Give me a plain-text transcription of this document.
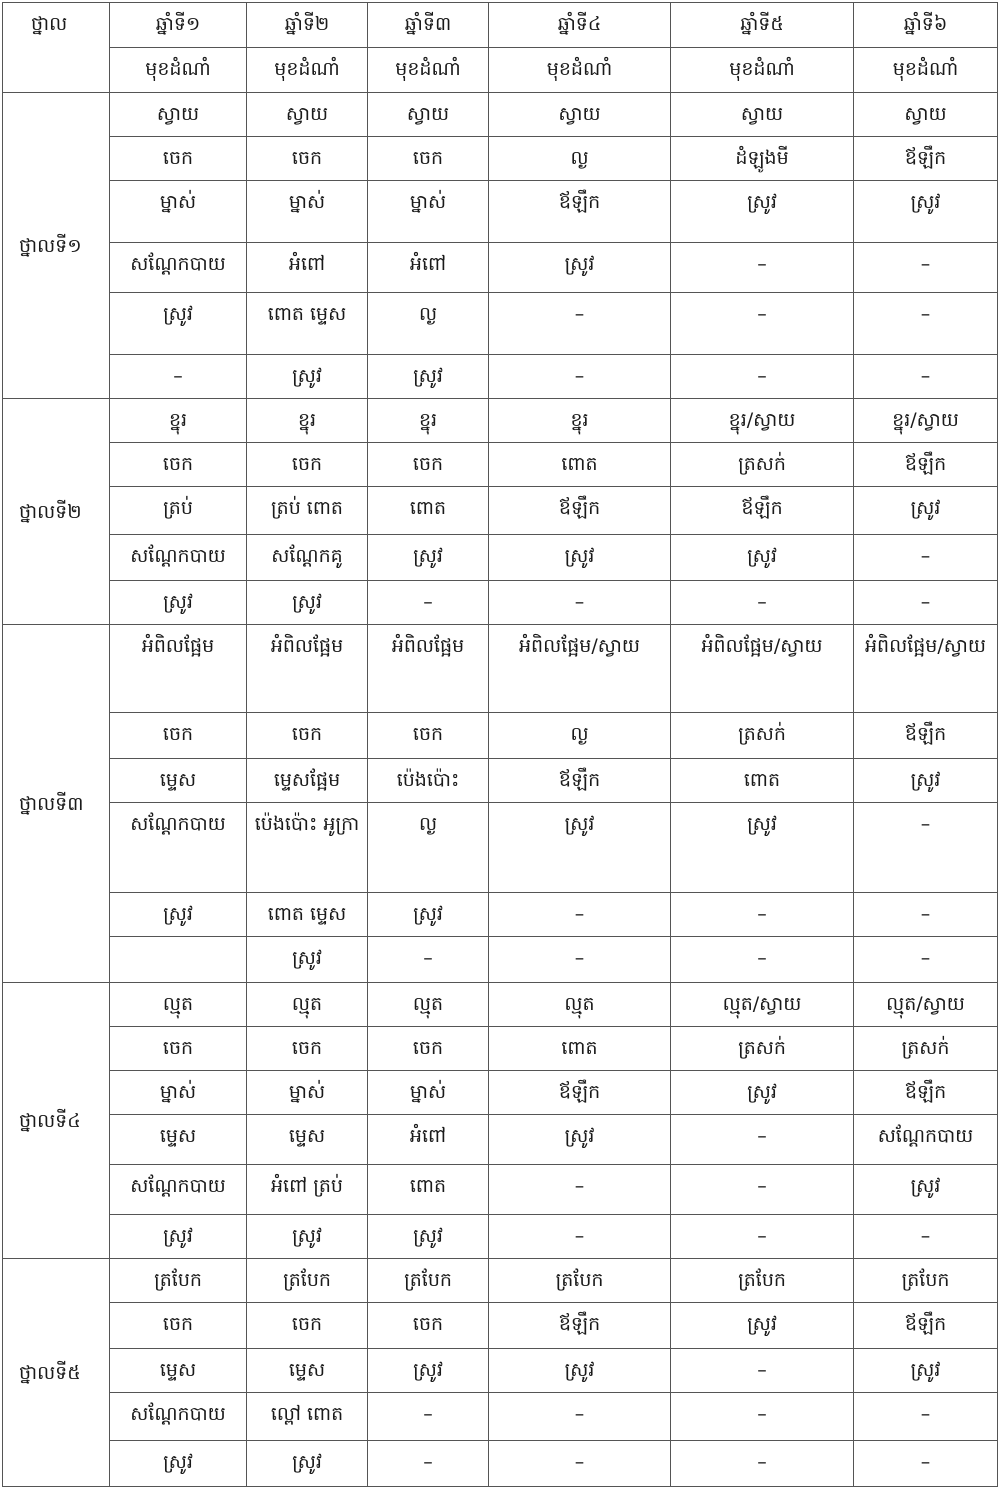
ថ្នាល	ឆ្នាំទី១	ឆ្នាំទី២	ឆ្នាំទី៣	ឆ្នាំទី៤	ឆ្នាំទី៥	ឆ្នាំទី៦
	មុខដំណាំ	មុខដំណាំ	មុខដំណាំ	មុខដំណាំ	មុខដំណាំ	មុខដំណាំ
ថ្នាលទី១	ស្វាយ	ស្វាយ	ស្វាយ	ស្វាយ	ស្វាយ	ស្វាយ
	ចេក	ចេក	ចេក	ល្ង	ដំឡូងមី	ឪឡឹក
	ម្នាស់	ម្នាស់	ម្នាស់	ឪឡឹក	ស្រូវ	ស្រូវ
	សណ្តែកបាយ	អំពៅ	អំពៅ	ស្រូវ	–	–
	ស្រូវ	ពោត ម្ទេស	ល្ង	–	–	–
	–	ស្រូវ	ស្រូវ	–	–	–
ថ្នាលទី២	ខ្នុរ	ខ្នុរ	ខ្នុរ	ខ្នុរ	ខ្នុរ/ស្វាយ	ខ្នុរ/ស្វាយ
	ចេក	ចេក	ចេក	ពោត	ត្រសក់	ឪឡឹក
	ត្រប់	ត្រប់ ពោត	ពោត	ឪឡឹក	ឪឡឹក	ស្រូវ
	សណ្តែកបាយ	សណ្តែកគូ	ស្រូវ	ស្រូវ	ស្រូវ	–
	ស្រូវ	ស្រូវ	–	–	–	–
ថ្នាលទី៣	អំពិលផ្អែម	អំពិលផ្អែម	អំពិលផ្អែម	អំពិលផ្អែម/ស្វាយ	អំពិលផ្អែម/ស្វាយ	អំពិលផ្អែម/ស្វាយ
	ចេក	ចេក	ចេក	ល្ង	ត្រសក់	ឪឡឹក
	ម្ទេស	ម្ទេសផ្អែម	ប៉េងប៉ោះ	ឪឡឹក	ពោត	ស្រូវ
	សណ្តែកបាយ	ប៉េងប៉ោះ អូក្រា	ល្ង	ស្រូវ	ស្រូវ	–
	ស្រូវ	ពោត ម្ទេស	ស្រូវ	–	–	–
		ស្រូវ	–	–	–	–
ថ្នាលទី៤	ល្មុត	ល្មុត	ល្មុត	ល្មុត	ល្មុត/ស្វាយ	ល្មុត/ស្វាយ
	ចេក	ចេក	ចេក	ពោត	ត្រសក់	ត្រសក់
	ម្នាស់	ម្នាស់	ម្នាស់	ឪឡឹក	ស្រូវ	ឪឡឹក
	ម្ទេស	ម្ទេស	អំពៅ	ស្រូវ	–	សណ្តែកបាយ
	សណ្តែកបាយ	អំពៅ ត្រប់	ពោត	–	–	ស្រូវ
	ស្រូវ	ស្រូវ	ស្រូវ	–	–	–
ថ្នាលទី៥	ត្របែក	ត្របែក	ត្របែក	ត្របែក	ត្របែក	ត្របែក
	ចេក	ចេក	ចេក	ឪឡឹក	ស្រូវ	ឪឡឹក
	ម្ទេស	ម្ទេស	ស្រូវ	ស្រូវ	–	ស្រូវ
	សណ្តែកបាយ	ល្ពៅ ពោត	–	–	–	–
	ស្រូវ	ស្រូវ	–	–	–	–
